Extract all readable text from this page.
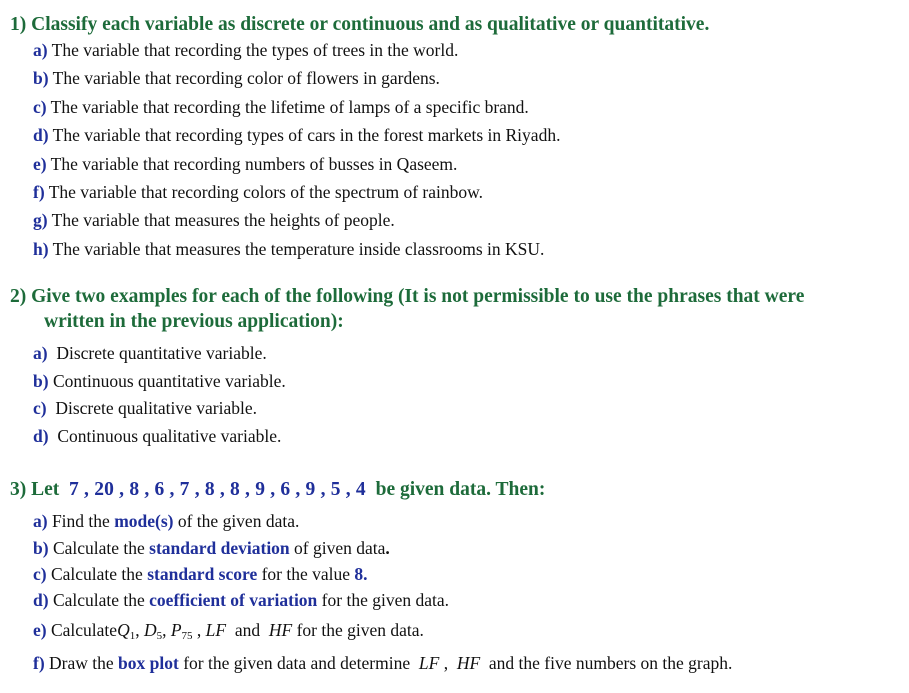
1) Classify each variable as discrete or continuous and as qualitative or quantitative.
a) The variable that recording the types of trees in the world.
b) The variable that recording color of flowers in gardens.
c) The variable that recording the lifetime of lamps of a specific brand.
d) The variable that recording types of cars in the forest markets in Riyadh.
e) The variable that recording numbers of busses in Qaseem.
f) The variable that recording colors of the spectrum of rainbow.
g) The variable that measures the heights of people.
h) The variable that measures the temperature inside classrooms in KSU.
2) Give two examples for each of the following (It is not permissible to use the phrases that were
written in the previous application):
a) Discrete quantitative variable.
b) Continuous quantitative variable.
c) Discrete qualitative variable.
d) Continuous qualitative variable.
3) Let 7 , 20 , 8 , 6 , 7 , 8 , 8 , 9 , 6 , 9 , 5 , 4 be given data. Then:
a) Find the mode(s) of the given data.
b) Calculate the standard deviation of given data.
c) Calculate the standard score for the value 8.
d) Calculate the coefficient of variation for the given data.
e) CalculateQ$_1$, $D_5$, $P_{75}$ , LF and HF for the given data.
f) Draw the box plot for the given data and determine LF ,  HF and the five numbers on the graph.
